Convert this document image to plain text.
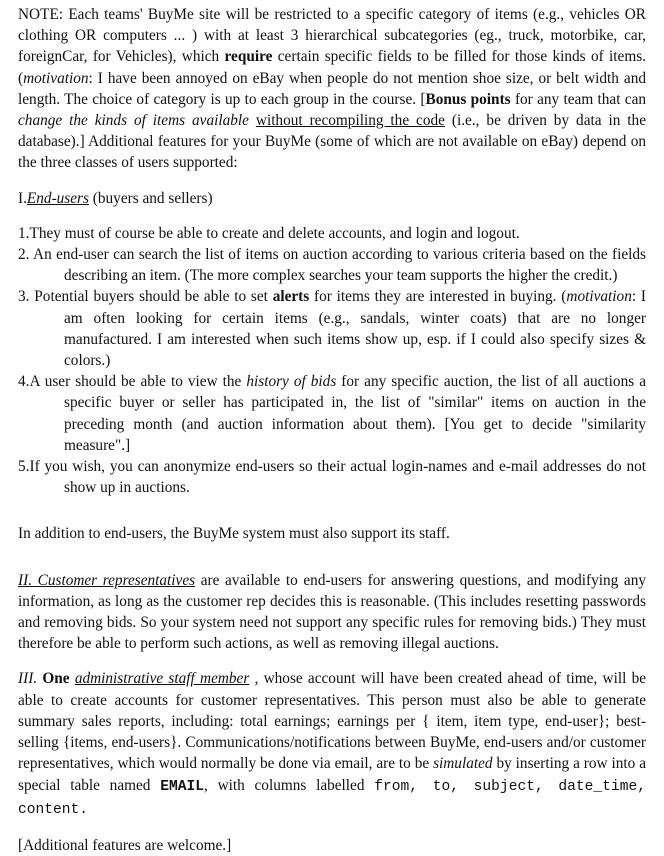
NOTE: Each teams' BuyMe site will be restricted to a specific category of items (e.g., vehicles OR clothing OR computers ... ) with at least 3 hierarchical subcategories (eg., truck, motorbike, car, foreignCar, for Vehicles), which require certain specific fields to be filled for those kinds of items. (motivation: I have been annoyed on eBay when people do not mention shoe size, or belt width and length. The choice of category is up to each group in the course. [Bonus points for any team that can change the kinds of items available without recompiling the code (i.e., be driven by data in the database).] Additional features for your BuyMe (some of which are not available on eBay) depend on the three classes of users supported:

I.End-users (buyers and sellers)

1.They must of course be able to create and delete accounts, and login and logout.
2. An end-user can search the list of items on auction according to various criteria based on the fields describing an item. (The more complex searches your team supports the higher the credit.)
3. Potential buyers should be able to set alerts for items they are interested in buying. (motivation: I am often looking for certain items (e.g., sandals, winter coats) that are no longer manufactured. I am interested when such items show up, esp. if I could also specify sizes & colors.)
4.A user should be able to view the history of bids for any specific auction, the list of all auctions a specific buyer or seller has participated in, the list of "similar" items on auction in the preceding month (and auction information about them). [You get to decide "similarity measure".]
5.If you wish, you can anonymize end-users so their actual login-names and e-mail addresses do not show up in auctions.

In addition to end-users, the BuyMe system must also support its staff.

II. Customer representatives are available to end-users for answering questions, and modifying any information, as long as the customer rep decides this is reasonable. (This includes resetting passwords and removing bids. So your system need not support any specific rules for removing bids.) They must therefore be able to perform such actions, as well as removing illegal auctions.

III. One administrative staff member , whose account will have been created ahead of time, will be able to create accounts for customer representatives. This person must also be able to generate summary sales reports, including: total earnings; earnings per { item, item type, end-user}; best-selling {items, end-users}. Communications/notifications between BuyMe, end-users and/or customer representatives, which would normally be done via email, are to be simulated by inserting a row into a special table named EMAIL, with columns labelled from, to, subject, date_time, content.

[Additional features are welcome.]
